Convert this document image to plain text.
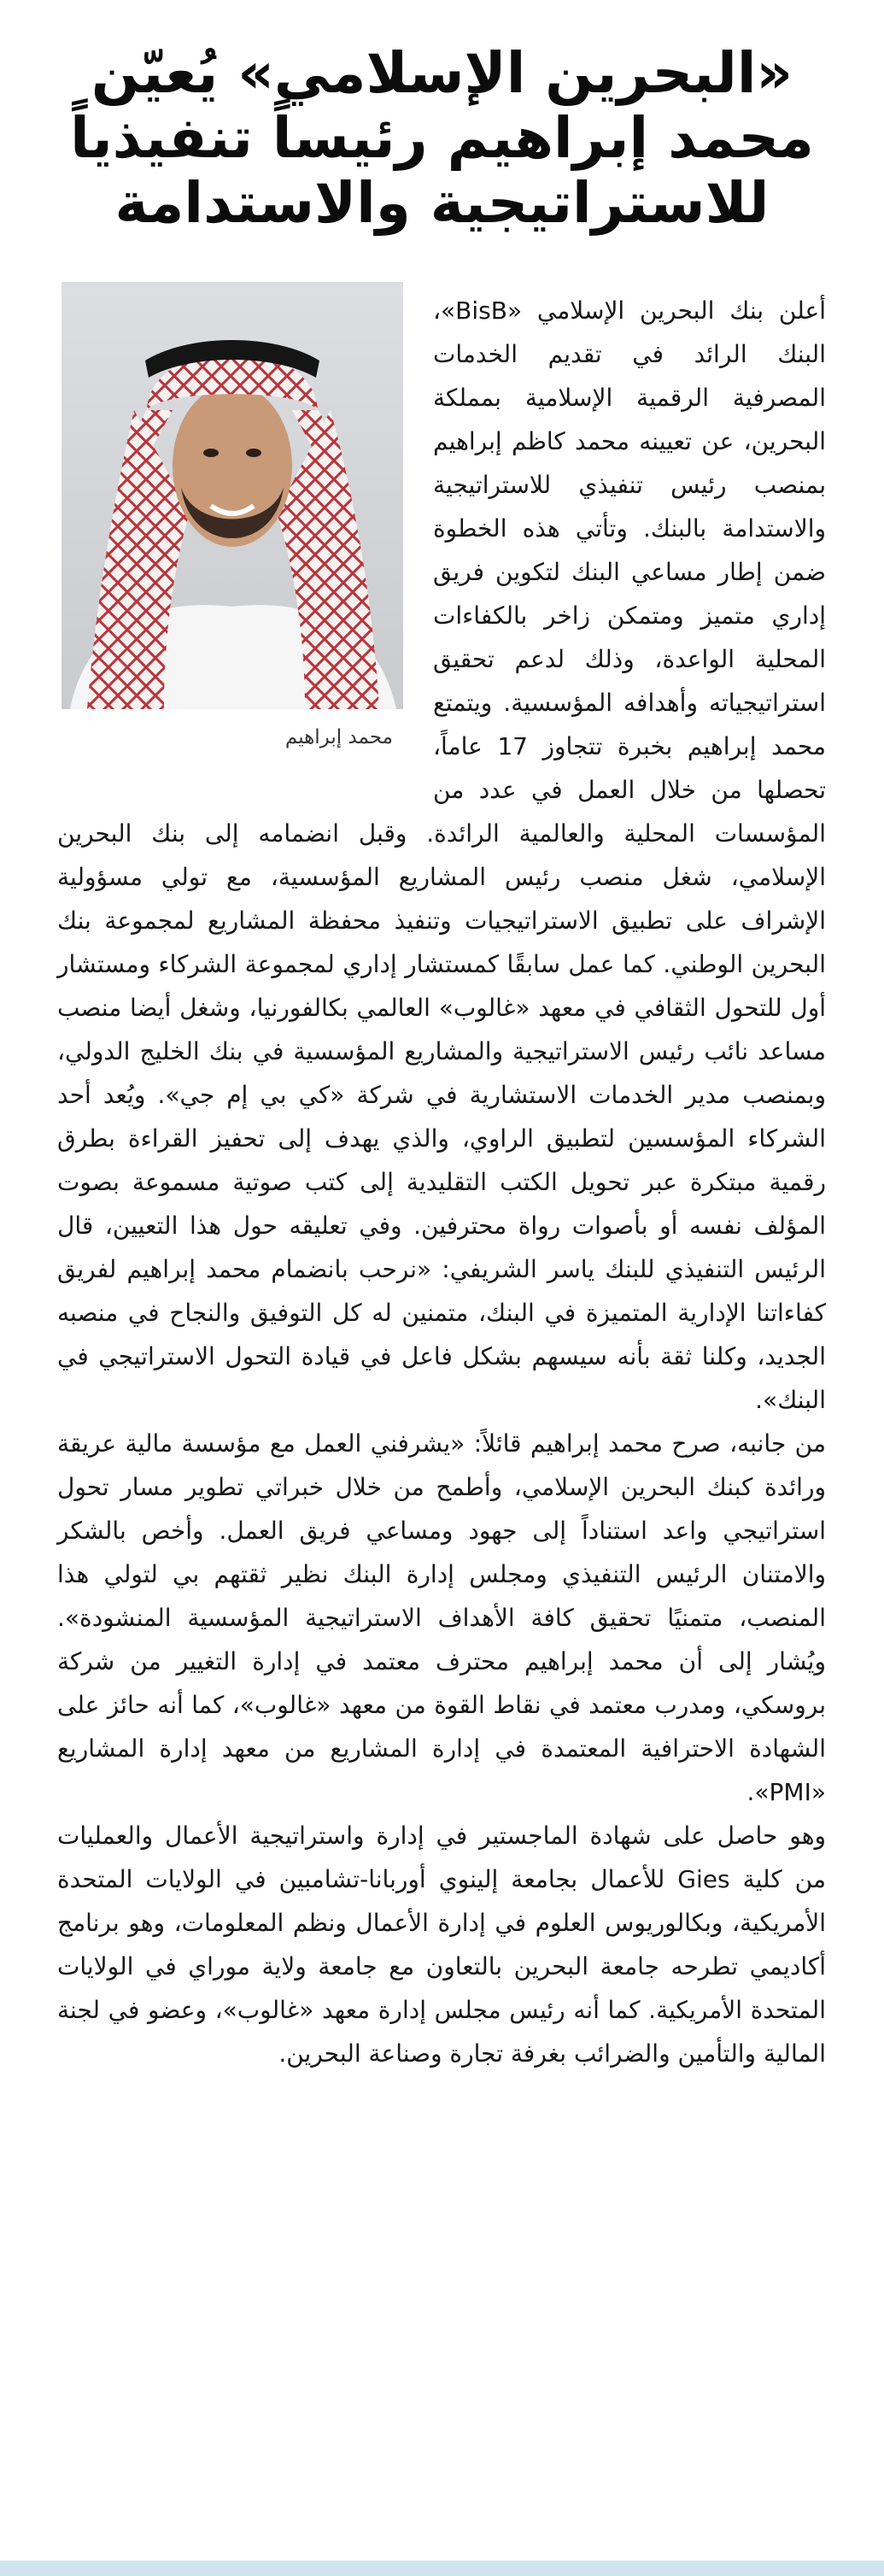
«البحرين الإسلامي» يُعيّن
محمد إبراهيم رئيساً تنفيذياً
للاستراتيجية والاستدامة
محمد إبراهيم

أعلن بنك البحرين الإسلامي «BisB»، البنك الرائد في تقديم الخدمات المصرفية الرقمية الإسلامية بمملكة البحرين، عن تعيينه محمد كاظم إبراهيم بمنصب رئيس تنفيذي للاستراتيجية والاستدامة بالبنك. وتأتي هذه الخطوة ضمن إطار مساعي البنك لتكوين فريق إداري متميز ومتمكن زاخر بالكفاءات المحلية الواعدة، وذلك لدعم تحقيق استراتيجياته وأهدافه المؤسسية. ويتمتع محمد إبراهيم بخبرة تتجاوز 17 عاماً، تحصلها من خلال العمل في عدد من المؤسسات المحلية والعالمية الرائدة. وقبل انضمامه إلى بنك البحرين الإسلامي، شغل منصب رئيس المشاريع المؤسسية، مع تولي مسؤولية الإشراف على تطبيق الاستراتيجيات وتنفيذ محفظة المشاريع لمجموعة بنك البحرين الوطني. كما عمل سابقًا كمستشار إداري لمجموعة الشركاء ومستشار أول للتحول الثقافي في معهد «غالوب» العالمي بكالفورنيا، وشغل أيضا منصب مساعد نائب رئيس الاستراتيجية والمشاريع المؤسسية في بنك الخليج الدولي، وبمنصب مدير الخدمات الاستشارية في شركة «كي بي إم جي». ويُعد أحد الشركاء المؤسسين لتطبيق الراوي، والذي يهدف إلى تحفيز القراءة بطرق رقمية مبتكرة عبر تحويل الكتب التقليدية إلى كتب صوتية مسموعة بصوت المؤلف نفسه أو بأصوات رواة محترفين. وفي تعليقه حول هذا التعيين، قال الرئيس التنفيذي للبنك ياسر الشريفي: «نرحب بانضمام محمد إبراهيم لفريق كفاءاتنا الإدارية المتميزة في البنك، متمنين له كل التوفيق والنجاح في منصبه الجديد، وكلنا ثقة بأنه سيسهم بشكل فاعل في قيادة التحول الاستراتيجي في البنك».

من جانبه، صرح محمد إبراهيم قائلاً: «يشرفني العمل مع مؤسسة مالية عريقة ورائدة كبنك البحرين الإسلامي، وأطمح من خلال خبراتي تطوير مسار تحول استراتيجي واعد استناداً إلى جهود ومساعي فريق العمل. وأخص بالشكر والامتنان الرئيس التنفيذي ومجلس إدارة البنك نظير ثقتهم بي لتولي هذا المنصب، متمنيًا تحقيق كافة الأهداف الاستراتيجية المؤسسية المنشودة». ويُشار إلى أن محمد إبراهيم محترف معتمد في إدارة التغيير من شركة بروسكي، ومدرب معتمد في نقاط القوة من معهد «غالوب»، كما أنه حائز على الشهادة الاحترافية المعتمدة في إدارة المشاريع من معهد إدارة المشاريع «PMI».

وهو حاصل على شهادة الماجستير في إدارة واستراتيجية الأعمال والعمليات من كلية Gies للأعمال بجامعة إلينوي أوربانا-تشامبين في الولايات المتحدة الأمريكية، وبكالوريوس العلوم في إدارة الأعمال ونظم المعلومات، وهو برنامج أكاديمي تطرحه جامعة البحرين بالتعاون مع جامعة ولاية موراي في الولايات المتحدة الأمريكية. كما أنه رئيس مجلس إدارة معهد «غالوب»، وعضو في لجنة المالية والتأمين والضرائب بغرفة تجارة وصناعة البحرين.
